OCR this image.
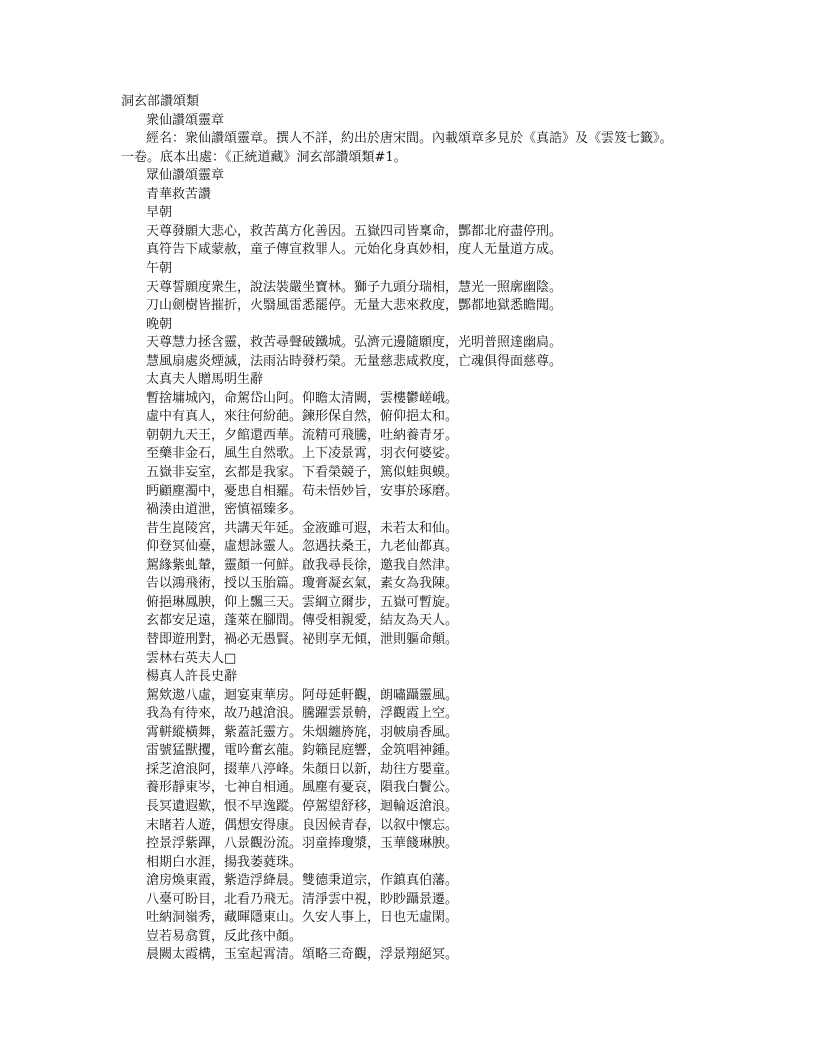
洞玄部讚頌類
衆仙讚頌靈章
經名：衆仙讚頌靈章。撰人不詳，約出於唐宋間。內載頌章多見於《真誥》及《雲笈七籤》。
一卷。底本出處：《正統道藏》洞玄部讚頌類#1。
眾仙讚頌靈章
青華救苦讚
早朝
天尊發願大悲心，救苦萬方化善因。五嶽四司皆稟命，酆都北府盡停刑。
真符告下咸蒙赦，童子傳宣救罪人。元始化身真妙相，度人无量道方成。
午朝
天尊誓願度衆生，說法裝嚴坐寶林。獅子九頭分瑞相，慧光一照廓幽陰。
刀山劍樹皆摧折，火翳風雷悉罷停。无量大悲來救度，酆都地獄悉瞻聞。
晚朝
天尊慧力拯含靈，救苦尋聲破鐵城。弘濟元邊隨願度，光明普照達幽扃。
慧風扇處炎煙滅，法雨沾時發朽榮。无量慈悲咸救度，亡魂俱得面慈尊。
太真夫人贈馬明生辭
暫捨墉城內，命駕岱山阿。仰瞻太清闕，雲樓鬱嵯峨。
虛中有真人，來往何紛葩。鍊形保自然，俯仰挹太和。
朝朝九天王，夕館還西華。流精可飛騰，吐納養青牙。
至藥非金石，風生自然歌。上下凌景霄，羽衣何婆娑。
五嶽非妄室，玄都是我家。下看榮競子，篤似蛙與蟆。
眄顧塵濁中，憂患自相羅。苟未悟妙旨，安事於琢磨。
禍湊由道泄，密慎福臻多。
昔生崑陵宮，共講天年延。金液雖可遐，未若太和仙。
仰登冥仙臺，虛想詠靈人。忽遇扶桑王，九老仙都真。
駕緣紫虬輦，靈顏一何鮮。啟我尋長徐，邀我自然津。
告以鴻飛術，授以玉胎篇。瓊膏凝玄氣，素女為我陳。
俯挹琳鳳腴，仰上飄三天。雲綱立爾步，五嶽可暫旋。
玄都安足遠，蓬萊在腳間。傳受相親愛，結友為天人。
替即遊刑對，禍必无愚賢。祕則享无傾，泄則軀命顛。
雲林右英夫人□
楊真人許長史辭
駕欸遨八虛，迴宴東華房。阿母延軒觀，朗嘯躡靈風。
我為有待來，故乃越滄浪。騰躍雲景輈，浮觀霞上空。
霄軿縱橫舞，紫蓋託靈方。朱烟纏旍旄，羽帔扇香風。
雷號猛獸攫，電吟奮玄龍。鈞籟昆庭響，金筑唱神鍾。
採芝滄浪阿，掇華八渟峰。朱顏日以新，劫往方嬰童。
養形靜東岑，七神自相通。風塵有憂哀，隕我白鬢公。
長冥遺遐歎，恨不早逸蹤。停駕望舒移，迴輪返滄浪。
末睹若人遊，偶想安得康。良因候青春，以叙中懷忘。
控景浮紫蹕，八景觀汾流。羽童捧瓊漿，玉華餞琳腴。
相期白水涯，揚我萎蕤珠。
滄房煥東霞，紫造浮絳晨。雙德秉道宗，作鎮真伯藩。
八臺可盼目，北看乃飛无。清淨雲中視，眇眇躡景遷。
吐納洞嶺秀，藏暉隱東山。久安人事上，日也无虛閑。
豈若易翕質，反此孩中顏。
晨闕太霞構，玉室起霄清。頌略三奇觀，浮景翔絕冥。
